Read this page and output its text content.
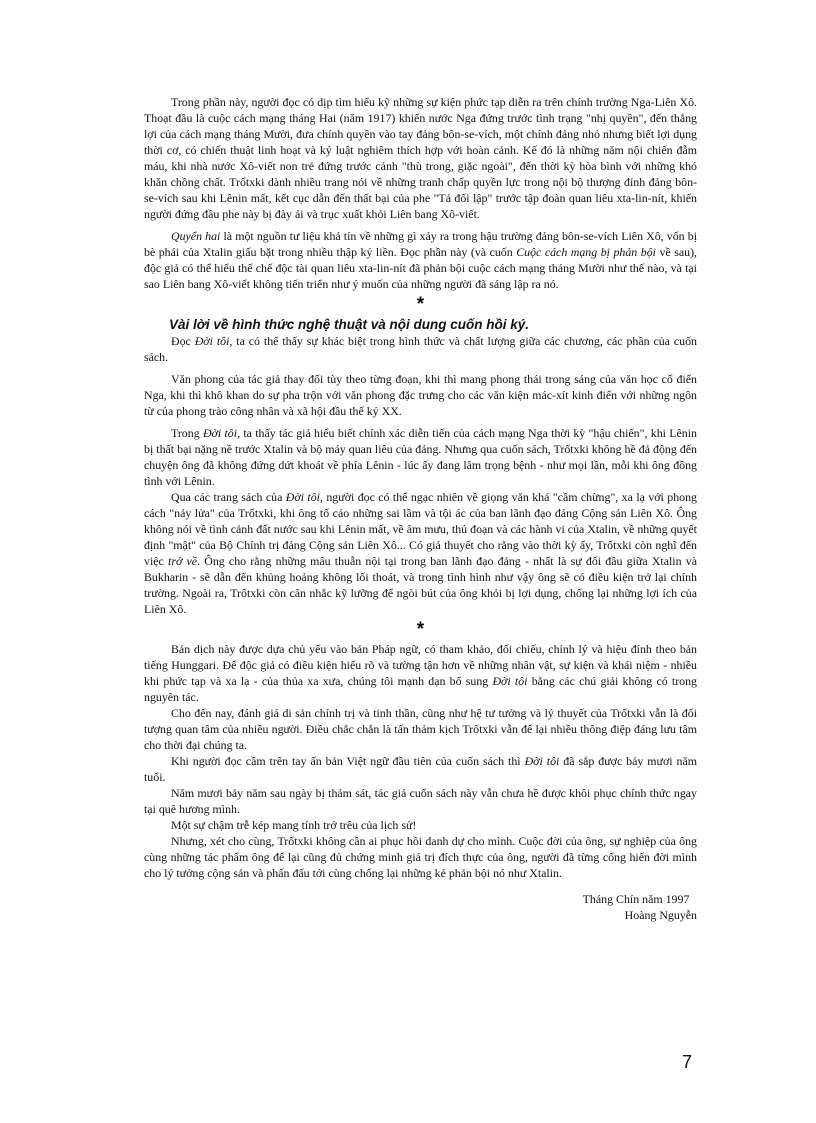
Trong phần này, người đọc có dịp tìm hiểu kỹ những sự kiện phức tạp diễn ra trên chính trường Nga-Liên Xô. Thoạt đầu là cuộc cách mạng tháng Hai (năm 1917) khiến nước Nga đứng trước tình trạng "nhị quyền", đến thắng lợi của cách mạng tháng Mười, đưa chính quyền vào tay đảng bôn-se-vích, một chính đảng nhỏ nhưng biết lợi dụng thời cơ, có chiến thuật linh hoạt và kỷ luật nghiêm thích hợp với hoàn cảnh. Kế đó là những năm nội chiến đẫm máu, khi nhà nước Xô-viết non trẻ đứng trước cảnh "thù trong, giặc ngoài", đến thời kỳ hòa bình với những khó khăn chồng chất. Trốtxki dành nhiều trang nói về những tranh chấp quyền lực trong nội bộ thượng đỉnh đảng bôn-se-vích sau khi Lênin mất, kết cục dẫn đến thất bại của phe "Tả đối lập" trước tập đoàn quan liêu xta-lin-nít, khiến người đứng đầu phe này bị đày ải và trục xuất khỏi Liên bang Xô-viết.

Quyển hai là một nguồn tư liệu khả tín về những gì xảy ra trong hậu trường đảng bôn-se-vích Liên Xô, vốn bị bè phái của Xtalin giấu bặt trong nhiều thập kỷ liền. Đọc phần này (và cuốn Cuộc cách mạng bị phản bội về sau), độc giả có thể hiểu thể chế độc tài quan liêu xta-lin-nít đã phản bội cuộc cách mạng tháng Mười như thế nào, và tại sao Liên bang Xô-viết không tiến triển như ý muốn của những người đã sáng lập ra nó.

*
Vài lời về hình thức nghệ thuật và nội dung cuốn hồi ký.

Đọc Đời tôi, ta có thể thấy sự khác biệt trong hình thức và chất lượng giữa các chương, các phần của cuốn sách.

Văn phong của tác giả thay đổi tùy theo từng đoạn, khi thì mang phong thái trong sáng của văn học cổ điển Nga, khi thì khô khan do sự pha trộn với văn phong đặc trưng cho các văn kiện mác-xít kinh điển với những ngôn từ của phong trào công nhân và xã hội đầu thế kỷ XX.

Trong Đời tôi, ta thấy tác giả hiểu biết chính xác diễn tiến của cách mạng Nga thời kỳ "hậu chiến", khi Lênin bị thất bại nặng nề trước Xtalin và bộ máy quan liêu của đảng. Nhưng qua cuốn sách, Trốtxki không hề đả động đến chuyện ông đã không đứng dứt khoát về phía Lênin - lúc ấy đang lâm trọng bệnh - như mọi lần, mỗi khi ông đồng tình với Lênin.

Qua các trang sách của Đời tôi, người đọc có thể ngạc nhiên về giọng văn khá "cầm chừng", xa lạ với phong cách "nảy lửa" của Trốtxki, khi ông tố cáo những sai lầm và tội ác của ban lãnh đạo đảng Cộng sản Liên Xô. Ông không nói về tình cảnh đất nước sau khi Lênin mất, về âm mưu, thủ đoạn và các hành vi của Xtalin, về những quyết định "mật" của Bộ Chính trị đảng Cộng sản Liên Xô... Có giả thuyết cho rằng vào thời kỳ ấy, Trốtxki còn nghĩ đến việc trở về. Ông cho rằng những mâu thuẫn nội tại trong ban lãnh đạo đảng - nhất là sự đối đầu giữa Xtalin và Bukharin - sẽ dẫn đến khủng hoảng không lối thoát, và trong tình hình như vậy ông sẽ có điều kiện trở lại chính trường. Ngoài ra, Trốtxki còn cân nhắc kỹ lưỡng để ngòi bút của ông khỏi bị lợi dụng, chống lại những lợi ích của Liên Xô.

*

Bản dịch này được dựa chủ yếu vào bản Pháp ngữ, có tham khảo, đối chiếu, chỉnh lý và hiệu đính theo bản tiếng Hunggari. Để độc giả có điều kiện hiểu rõ và tường tận hơn về những nhân vật, sự kiện và khái niệm - nhiều khi phức tạp và xa lạ - của thủa xa xưa, chúng tôi mạnh dạn bổ sung Đời tôi bằng các chú giải không có trong nguyên tác.

Cho đến nay, đánh giá di sản chính trị và tinh thần, cũng như hệ tư tưởng và lý thuyết của Trốtxki vẫn là đối tượng quan tâm của nhiều người. Điều chắc chắn là tấn thảm kịch Trốtxki vẫn để lại nhiều thông điệp đáng lưu tâm cho thời đại chúng ta.

Khi người đọc cầm trên tay ấn bản Việt ngữ đầu tiên của cuốn sách thì Đời tôi đã sắp được bảy mươi năm tuổi.

Năm mươi bảy năm sau ngày bị thảm sát, tác giả cuốn sách này vẫn chưa hề được khôi phục chính thức ngay tại quê hương mình.

Một sự chậm trễ kép mang tính trớ trêu của lịch sử!

Nhưng, xét cho cùng, Trốtxki không cần ai phục hồi danh dự cho mình. Cuộc đời của ông, sự nghiệp của ông cùng những tác phẩm ông để lại cũng đủ chứng minh giá trị đích thực của ông, người đã từng cống hiến đời mình cho lý tưởng cộng sản và phấn đấu tới cùng chống lại những kẻ phản bội nó như Xtalin.

Tháng Chín năm 1997
Hoàng Nguyễn
7
